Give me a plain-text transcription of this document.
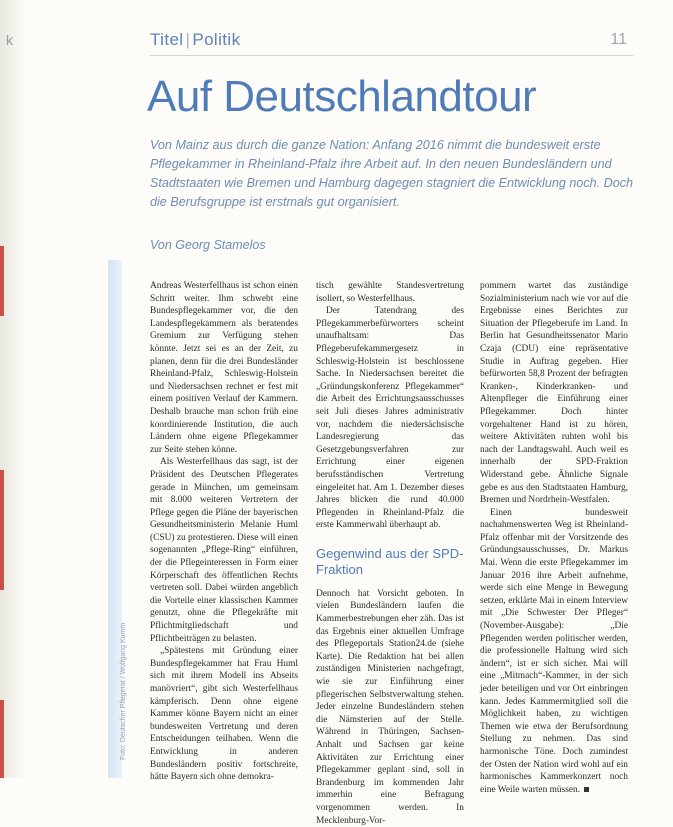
k	Titel | Politik	11
Auf Deutschlandtour

Von Mainz aus durch die ganze Nation: Anfang 2016 nimmt die bundesweit erste Pflegekammer in Rheinland-Pfalz ihre Arbeit auf. In den neuen Bundesländern und Stadtstaaten wie Bremen und Hamburg dagegen stagniert die Entwicklung noch. Doch die Berufsgruppe ist erstmals gut organisiert.

Von Georg Stamelos
Foto: Deutscher Pflegerat / Wolfgang Kumm

Andreas Westerfellhaus ist schon einen Schritt weiter. Ihm schwebt eine Bundespflegekammer vor, die den Landespflegekammern als beratendes Gremium zur Verfügung stehen könnte. Jetzt sei es an der Zeit, zu planen, denn für die drei Bundesländer Rheinland-Pfalz, Schleswig-Holstein und Niedersachsen rechnet er fest mit einem positiven Verlauf der Kammern. Deshalb brauche man schon früh eine koordinierende Institution, die auch Ländern ohne eigene Pflegekammer zur Seite stehen könne.

Als Westerfellhaus das sagt, ist der Präsident des Deutschen Pflegerates gerade in München, um gemeinsam mit 8.000 weiteren Vertretern der Pflege gegen die Pläne der bayerischen Gesundheitsministerin Melanie Huml (CSU) zu protestieren. Diese will einen sogenannten „Pflege-Ring“ einführen, der die Pflegeinteressen in Form einer Körperschaft des öffentlichen Rechts vertreten soll. Dabei würden angeblich die Vorteile einer klassischen Kammer genutzt, ohne die Pflegekräfte mit Pflichtmitgliedschaft und Pflichtbeiträgen zu belasten.

„Spätestens mit Gründung einer Bundespflegekammer hat Frau Huml sich mit ihrem Modell ins Abseits manövriert“, gibt sich Westerfellhaus kämpferisch. Denn ohne eigene Kammer könne Bayern nicht an einer bundesweiten Vertretung und deren Entscheidungen teilhaben. Wenn die Entwicklung in anderen Bundesländern positiv fortschreite, hätte Bayern sich ohne demokra-

tisch gewählte Standesvertretung isoliert, so Westerfellhaus.

Der Tatendrang des Pflegekammerbefürworters scheint unaufhaltsam: Das Pflegeberufekammergesetz in Schleswig-Holstein ist beschlossene Sache. In Niedersachsen bereitet die „Gründungskonferenz Pflegekammer“ die Arbeit des Errichtungsausschusses seit Juli dieses Jahres administrativ vor, nachdem die niedersächsische Landesregierung das Gesetzgebungsverfahren zur Errichtung einer eigenen berufsständischen Vertretung eingeleitet hat. Am 1. Dezember dieses Jahres blicken die rund 40.000 Pflegenden in Rheinland-Pfalz die erste Kammerwahl überhaupt ab.

Gegenwind aus der SPD-Fraktion

Dennoch hat Vorsicht geboten. In vielen Bundesländern laufen die Kammerbestrebungen eher zäh. Das ist das Ergebnis einer aktuellen Umfrage des Pflegeportals Station24.de (siehe Karte). Die Redaktion hat bei allen zuständigen Ministerien nachgefragt, wie sie zur Einführung einer pflegerischen Selbstverwaltung stehen. Jeder einzelne Bundesländern stehen die Nämsterien auf der Stelle. Während in Thüringen, Sachsen-Anhalt und Sachsen gar keine Aktivitäten zur Errichtung einer Pflegekammer geplant sind, soll in Brandenburg im kommenden Jahr immerhin eine Befragung vorgenommen werden. In Mecklenburg-Vor-

pommern wartet das zuständige Sozialministerium nach wie vor auf die Ergebnisse eines Berichtes zur Situation der Pflegeberufe im Land. In Berlin hat Gesundheitssenator Mario Czaja (CDU) eine repräsentative Studie in Auftrag gegeben. Hier befürworten 58,8 Prozent der befragten Kranken-, Kinderkranken- und Altenpfleger die Einführung einer Pflegekammer. Doch hinter vorgehaltener Hand ist zu hören, weitere Aktivitäten ruhten wohl bis nach der Landtagswahl. Auch weil es innerhalb der SPD-Fraktion Widerstand gebe. Ähnliche Signale gebe es aus den Stadtstaaten Hamburg, Bremen und Nordrhein-Westfalen.

Einen bundesweit nachahmenswerten Weg ist Rheinland-Pfalz offenbar mit der Vorsitzende des Gründungsausschusses, Dr. Markus Mai. Wenn die erste Pflegekammer im Januar 2016 ihre Arbeit aufnehme, werde sich eine Menge in Bewegung setzen, erklärte Mai in einem Interview mit „Die Schwester Der Pfleger“ (November-Ausgabe): „Die Pflegenden werden politischer werden, die professionelle Haltung wird sich ändern“, ist er sich sicher. Mai will eine „Mitmach“-Kammer, in der sich jeder beteiligen und vor Ort einbringen kann. Jedes Kammermitglied soll die Möglichkeit haben, zu wichtigen Themen wie etwa der Berufsordnung Stellung zu nehmen. Das sind harmonische Töne. Doch zumindest der Osten der Nation wird wohl auf ein harmonisches Kammerkonzert noch eine Weile warten müssen.
